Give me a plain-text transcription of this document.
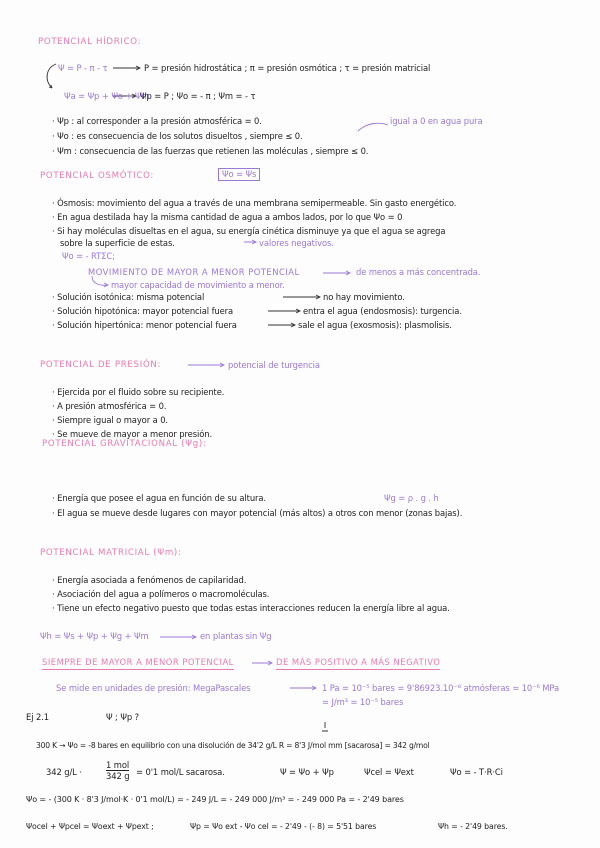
POTENCIAL HÍDRICO:
Ψ = P - π - τ	P = presión hidrostática ; π = presión osmótica ; τ = presión matricial
Ψa = Ψp + Ψo + Ψm
Ψp = P ; Ψo = - π ; Ψm = - τ
· Ψp : al corresponder a la presión atmosférica = 0.	igual a 0 en agua pura
· Ψo : es consecuencia de los solutos disueltos , siempre ≤ 0.
· Ψm : consecuencia de las fuerzas que retienen las moléculas , siempre ≤ 0.
POTENCIAL OSMÓTICO:	Ψo = Ψs
· Ósmosis: movimiento del agua a través de una membrana semipermeable. Sin gasto energético.
· En agua destilada hay la misma cantidad de agua a ambos lados, por lo que Ψo = 0
· Si hay moléculas disueltas en el agua, su energía cinética disminuye ya que el agua se agrega
sobre la superficie de estas.	valores negativos.
Ψo = - RTΣC;
MOVIMIENTO DE MAYOR A MENOR POTENCIAL	de menos a más concentrada.
mayor capacidad de movimiento a menor.
· Solución isotónica: misma potencial	no hay movimiento.
· Solución hipotónica: mayor potencial fuera	entra el agua (endosmosis): turgencia.
· Solución hipertónica: menor potencial fuera	sale el agua (exosmosis): plasmolisis.
POTENCIAL DE PRESIÓN:	potencial de turgencia
· Ejercida por el fluido sobre su recipiente.
· A presión atmosférica = 0.
· Siempre igual o mayor a 0.
· Se mueve de mayor a menor presión.
POTENCIAL GRAVITACIONAL (Ψg):
· Energía que posee el agua en función de su altura.	Ψg = ρ . g . h
· El agua se mueve desde lugares con mayor potencial (más altos) a otros con menor (zonas bajas).
POTENCIAL MATRICIAL (Ψm):
· Energía asociada a fenómenos de capilaridad.
· Asociación del agua a polímeros o macromoléculas.
· Tiene un efecto negativo puesto que todas estas interacciones reducen la energía libre al agua.
Ψh = Ψs + Ψp + Ψg + Ψm	en plantas sin Ψg
SIEMPRE DE MAYOR A MENOR POTENCIAL	DE MÁS POSITIVO A MÁS NEGATIVO
Se mide en unidades de presión: MegaPascales	1 Pa = 10⁻⁵ bares = 9'86923.10⁻⁶ atmósferas = 10⁻⁶ MPa
= J/m³ = 10⁻⁵ bares
Ej 2.1	Ψ ; Ψp ?
300 K → Ψo = -8 bares en equilibrio con una disolución de 34'2 g/L R = 8'3 J/mol mm [sacarosa] = 342 g/mol
342 g/L ·
1 mol
342 g = 0'1 mol/L sacarosa.	Ψ = Ψo + Ψp	Ψcel = Ψext	Ψo = - T·R·Ci
Ψo = - (300 K · 8'3 J/mol·K · 0'1 mol/L) = - 249 J/L = - 249 000 J/m³ = - 249 000 Pa = - 2'49 bares
Ψocel + Ψpcel = Ψoext + Ψpext ;	Ψp = Ψo ext - Ψo cel = - 2'49 - (- 8) = 5'51 bares	Ψh = - 2'49 bares.
